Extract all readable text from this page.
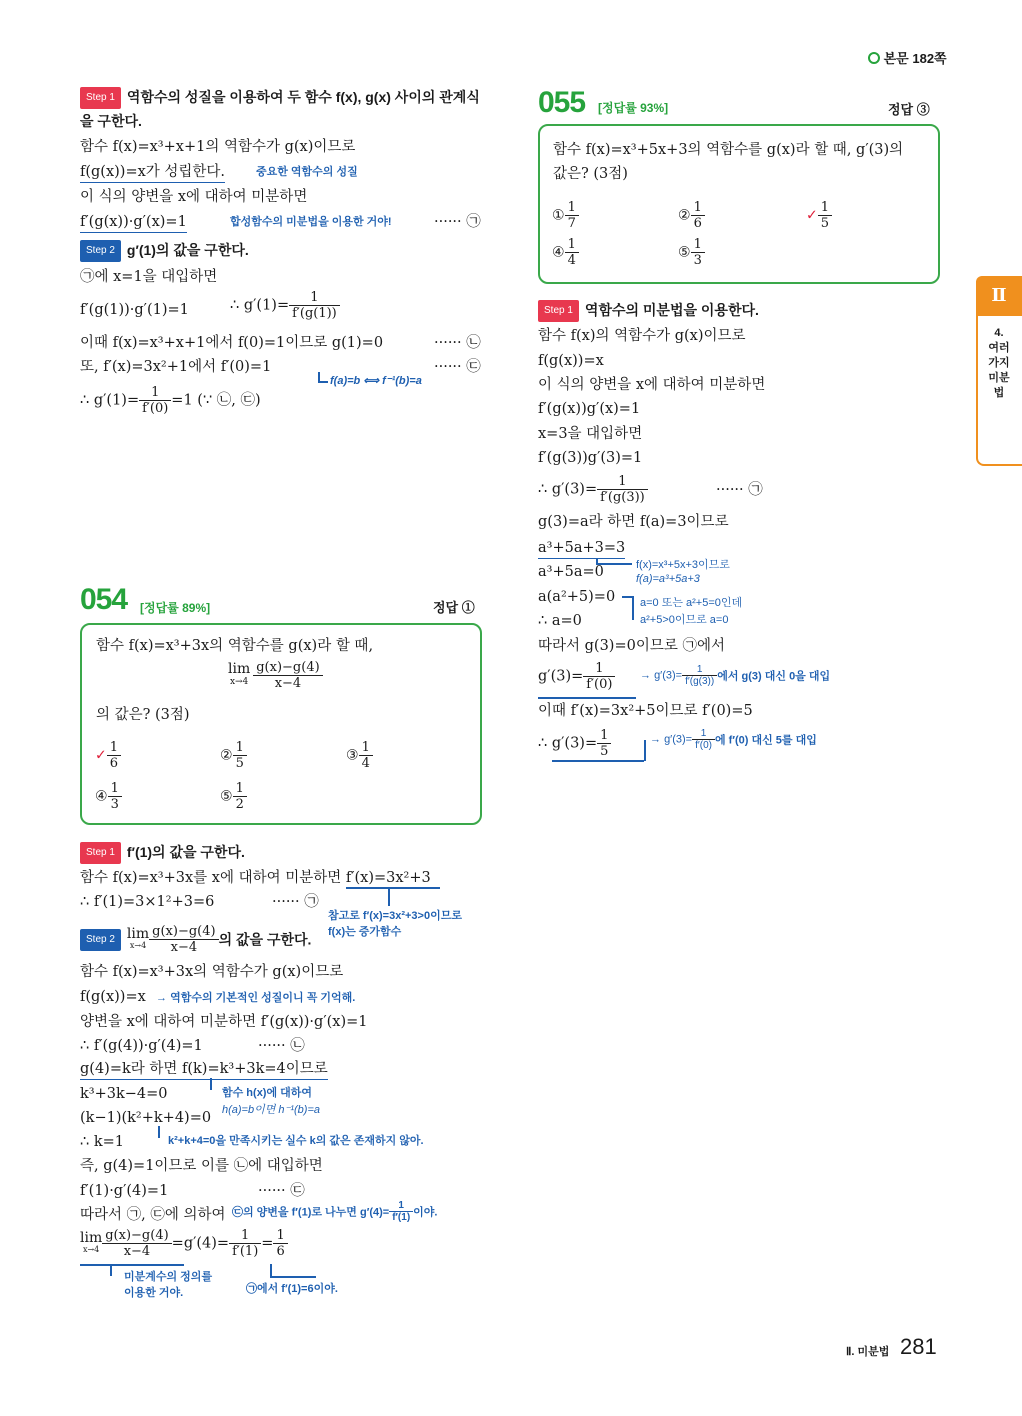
본문 182쪽
Step 1 역함수의 성질을 이용하여 두 함수 f(x), g(x) 사이의 관계식
을 구한다.
함수 f(x)=x³+x+1의 역함수가 g(x)이므로
f(g(x))=x가 성립한다.	중요한 역함수의 성질
이 식의 양변을 x에 대하여 미분하면
f′(g(x))·g′(x)=1	합성함수의 미분법을 이용한 거야!	······ ㉠
Step 2 g′(1)의 값을 구한다.
㉠에 x=1을 대입하면
f′(g(1))·g′(1)=1	∴ $g'(1)= \frac{1}{f'(g(1))}$
이때 f(x)=x³+x+1에서 f(0)=1이므로 g(1)=0	······ ㉡
또, f′(x)=3x²+1에서 f′(0)=1	······ ㉢
f(a)=b ⟺ f⁻¹(b)=a
∴ $g'(1)= \frac{1}{f'(0)} =1$ (∵ ㉡, ㉢)
054 [정답률 89%]	정답 ①
함수 f(x)=x³+3x의 역함수를 g(x)라 할 때,
lim
$x\to 4 \frac{g(x)-g(4)}{x-4}$
의 값은? (3점)
✓ $\frac{1}{6}$	② $\frac{1}{5}$	③ $\frac{1}{4}$
④ $\frac{1}{3}$	⑤ $\frac{1}{2}$
Step 1 f′(1)의 값을 구한다.
함수 f(x)=x³+3x를 x에 대하여 미분하면 f′(x)=3x²+3
∴ f′(1)=3×1²+3=6	······ ㉠
참고로 f′(x)=3x²+3>0이므로
f(x)는 증가함수
Step 2 lim
$x\to 4 \frac{g(x)-g(4)}{x-4}$ 의 값을 구한다.
함수 f(x)=x³+3x의 역함수가 g(x)이므로
f(g(x))=x → 역함수의 기본적인 성질이니 꼭 기억해.
양변을 x에 대하여 미분하면 f′(g(x))·g′(x)=1
∴ f′(g(4))·g′(4)=1	······ ㉡
g(4)=k라 하면 f(k)=k³+3k=4이므로
k³+3k−4=0	함수 h(x)에 대하여
h(a)=b이면 h⁻¹(b)=a
(k−1)(k²+k+4)=0
∴ k=1	k²+k+4=0을 만족시키는 실수 k의 값은 존재하지 않아.
즉, g(4)=1이므로 이를 ㉡에 대입하면
f′(1)·g′(4)=1	······ ㉢
따라서 ㉠, ㉢에 의하여 ㉢의 양변을 f′(1)로 나누면 $g'(4)= \frac{1}{f'(1)}$ 이야.
lim
$x\to 4 \frac{g(x)-g(4)}{x-4} =g'(4)= \frac{1}{f'(1)} = \frac{1}{6}$
미분계수의 정의를
이용한 거야.	㉠에서 f′(1)=6이야.
055 [정답률 93%]	정답 ③
함수 f(x)=x³+5x+3의 역함수를 g(x)라 할 때, g′(3)의
값은? (3점)
① $\frac{1}{7}$	② $\frac{1}{6}$	✓ $\frac{1}{5}$
④ $\frac{1}{4}$	⑤ $\frac{1}{3}$
Step 1 역함수의 미분법을 이용한다.
함수 f(x)의 역함수가 g(x)이므로
f(g(x))=x
이 식의 양변을 x에 대하여 미분하면
f′(g(x))g′(x)=1
x=3을 대입하면
f′(g(3))g′(3)=1
∴ $g'(3)= \frac{1}{f'(g(3))}$	······ ㉠
g(3)=a라 하면 f(a)=3이므로
a³+5a+3=3
f(x)=x³+5x+3이므로
f(a)=a³+5a+3
a³+5a=0
a(a²+5)=0 a=0 또는 a²+5=0인데
a²+5>0이므로 a=0
∴ a=0
따라서 g(3)=0이므로 ㉠에서
$g'(3)= \frac{1}{f'(0)} \to g'(3)= \frac{1}{f'(g(3))}$ 에서 g(3) 대신 0을 대입
이때 f′(x)=3x²+5이므로 f′(0)=5
∴ $g'(3)= \frac{1}{5}$	→ $g'(3)= \frac{1}{f'(0)}$ 에 f′(0) 대신 5를 대입
Ⅱ
4. 여러 가지 미분법
Ⅱ. 미분법 281
